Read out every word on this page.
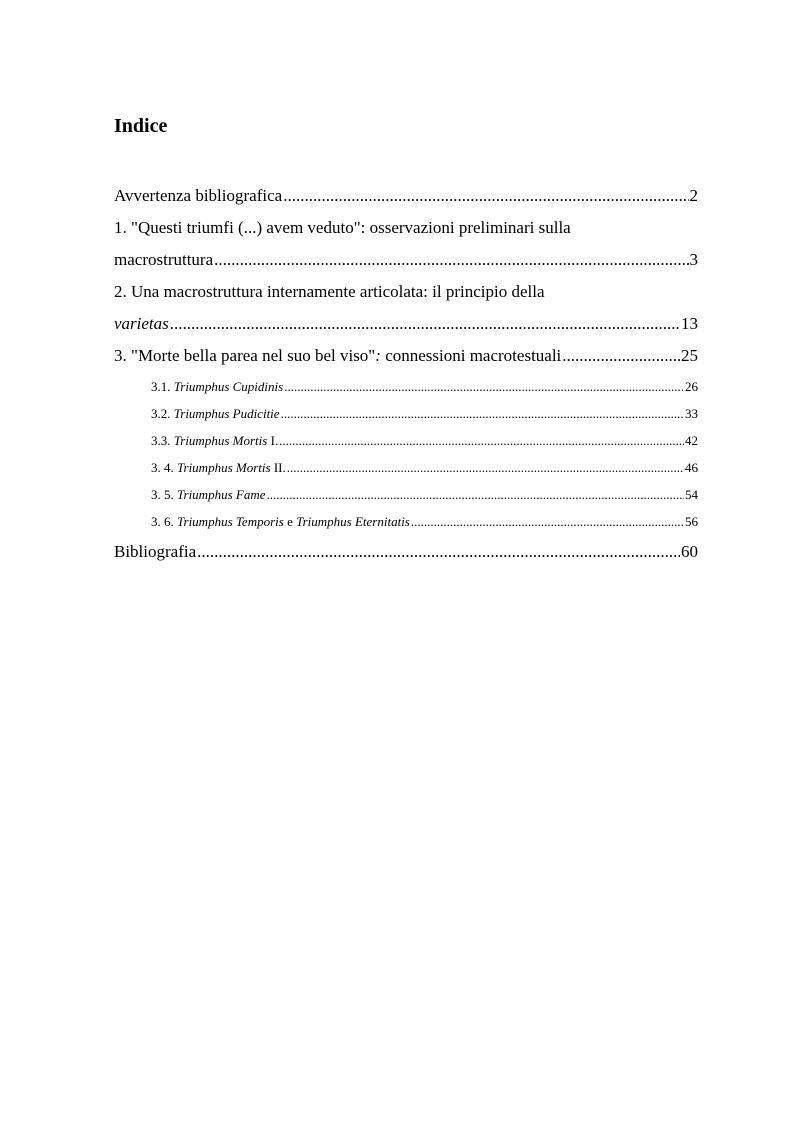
Indice
Avvertenza bibliografica .....	2
1. "Questi triumfi (...) avem veduto": osservazioni preliminari sulla
macrostruttura .....	3
2. Una macrostruttura internamente articolata: il principio della
varietas .....	13
3. "Morte bella parea nel suo bel viso": connessioni macrotestuali .....	25
3.1. Triumphus Cupidinis .....	26
3.2. Triumphus Pudicitie .....	33
3.3. Triumphus Mortis I. .....	42
3. 4. Triumphus Mortis II. .....	46
3. 5. Triumphus Fame .....	54
3. 6. Triumphus Temporis e Triumphus Eternitatis .....	56
Bibliografia .....	60
